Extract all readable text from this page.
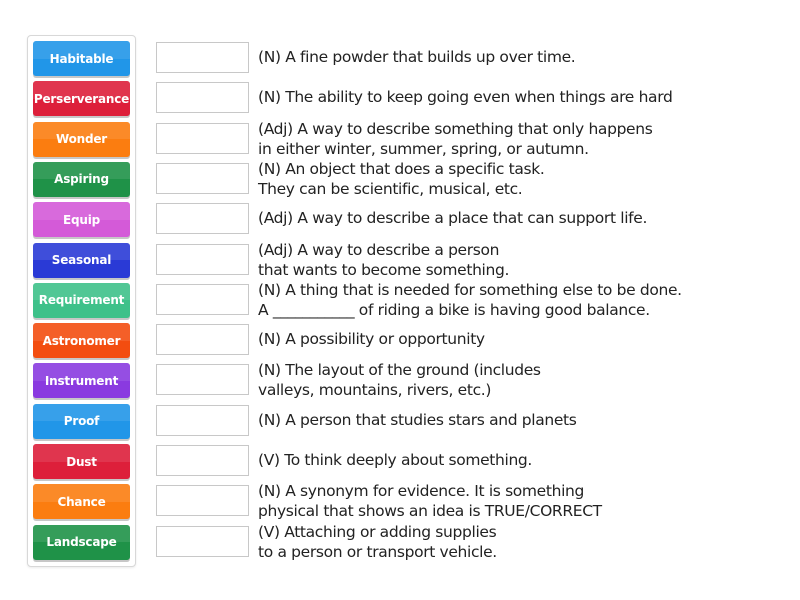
Habitable
Perserverance
Wonder
Aspiring
Equip
Seasonal
Requirement
Astronomer
Instrument
Proof
Dust
Chance
Landscape
(N) A fine powder that builds up over time.
(N) The ability to keep going even when things are hard
(Adj) A way to describe something that only happens
in either winter, summer, spring, or autumn.
(N) An object that does a specific task.
They can be scientific, musical, etc.
(Adj) A way to describe a place that can support life.
(Adj) A way to describe a person
that wants to become something.
(N) A thing that is needed for something else to be done.
A ___________ of riding a bike is having good balance.
(N) A possibility or opportunity
(N) The layout of the ground (includes
valleys, mountains, rivers, etc.)
(N) A person that studies stars and planets
(V) To think deeply about something.
(N) A synonym for evidence. It is something
physical that shows an idea is TRUE/CORRECT
(V) Attaching or adding supplies
to a person or transport vehicle.
